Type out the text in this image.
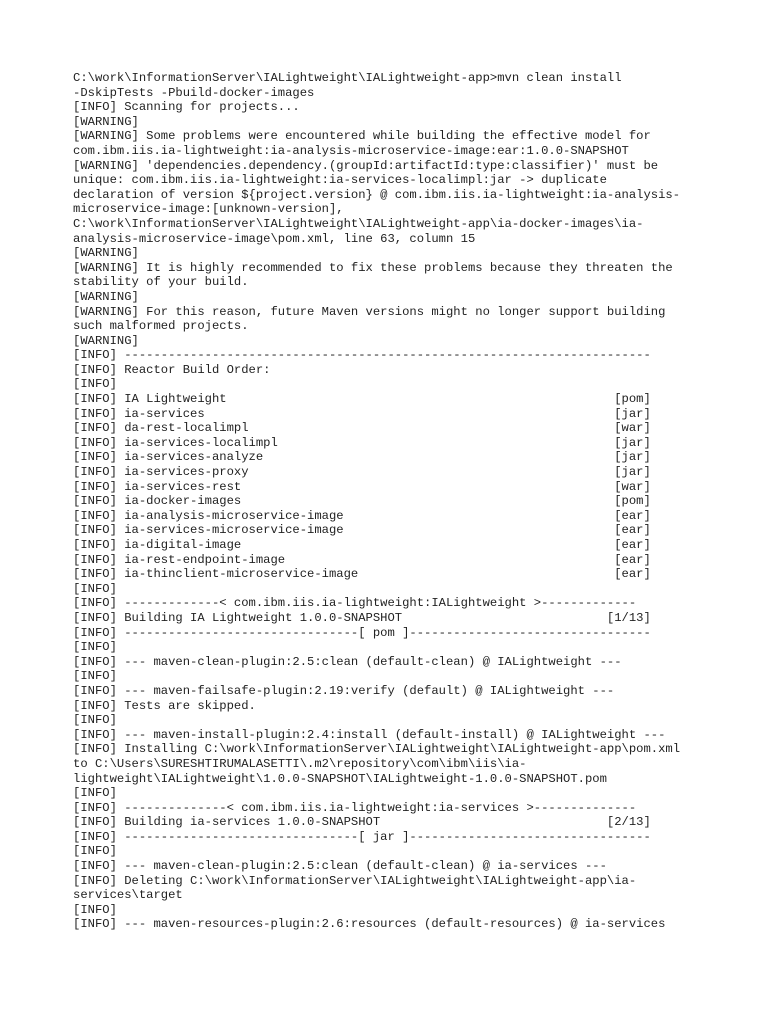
C:\work\InformationServer\IALightweight\IALightweight-app>mvn clean install
-DskipTests -Pbuild-docker-images
[INFO] Scanning for projects...
[WARNING]
[WARNING] Some problems were encountered while building the effective model for
com.ibm.iis.ia-lightweight:ia-analysis-microservice-image:ear:1.0.0-SNAPSHOT
[WARNING] 'dependencies.dependency.(groupId:artifactId:type:classifier)' must be
unique: com.ibm.iis.ia-lightweight:ia-services-localimpl:jar -> duplicate
declaration of version ${project.version} @ com.ibm.iis.ia-lightweight:ia-analysis-
microservice-image:[unknown-version],
C:\work\InformationServer\IALightweight\IALightweight-app\ia-docker-images\ia-
analysis-microservice-image\pom.xml, line 63, column 15
[WARNING]
[WARNING] It is highly recommended to fix these problems because they threaten the
stability of your build.
[WARNING]
[WARNING] For this reason, future Maven versions might no longer support building
such malformed projects.
[WARNING]
[INFO] ------------------------------------------------------------------------
[INFO] Reactor Build Order:
[INFO]
[INFO] IA Lightweight                                                     [pom]
[INFO] ia-services                                                        [jar]
[INFO] da-rest-localimpl                                                  [war]
[INFO] ia-services-localimpl                                              [jar]
[INFO] ia-services-analyze                                                [jar]
[INFO] ia-services-proxy                                                  [jar]
[INFO] ia-services-rest                                                   [war]
[INFO] ia-docker-images                                                   [pom]
[INFO] ia-analysis-microservice-image                                     [ear]
[INFO] ia-services-microservice-image                                     [ear]
[INFO] ia-digital-image                                                   [ear]
[INFO] ia-rest-endpoint-image                                             [ear]
[INFO] ia-thinclient-microservice-image                                   [ear]
[INFO]
[INFO] -------------< com.ibm.iis.ia-lightweight:IALightweight >-------------
[INFO] Building IA Lightweight 1.0.0-SNAPSHOT                            [1/13]
[INFO] --------------------------------[ pom ]---------------------------------
[INFO]
[INFO] --- maven-clean-plugin:2.5:clean (default-clean) @ IALightweight ---
[INFO]
[INFO] --- maven-failsafe-plugin:2.19:verify (default) @ IALightweight ---
[INFO] Tests are skipped.
[INFO]
[INFO] --- maven-install-plugin:2.4:install (default-install) @ IALightweight ---
[INFO] Installing C:\work\InformationServer\IALightweight\IALightweight-app\pom.xml
to C:\Users\SURESHTIRUMALASETTI\.m2\repository\com\ibm\iis\ia-
lightweight\IALightweight\1.0.0-SNAPSHOT\IALightweight-1.0.0-SNAPSHOT.pom
[INFO]
[INFO] --------------< com.ibm.iis.ia-lightweight:ia-services >--------------
[INFO] Building ia-services 1.0.0-SNAPSHOT                               [2/13]
[INFO] --------------------------------[ jar ]---------------------------------
[INFO]
[INFO] --- maven-clean-plugin:2.5:clean (default-clean) @ ia-services ---
[INFO] Deleting C:\work\InformationServer\IALightweight\IALightweight-app\ia-
services\target
[INFO]
[INFO] --- maven-resources-plugin:2.6:resources (default-resources) @ ia-services
